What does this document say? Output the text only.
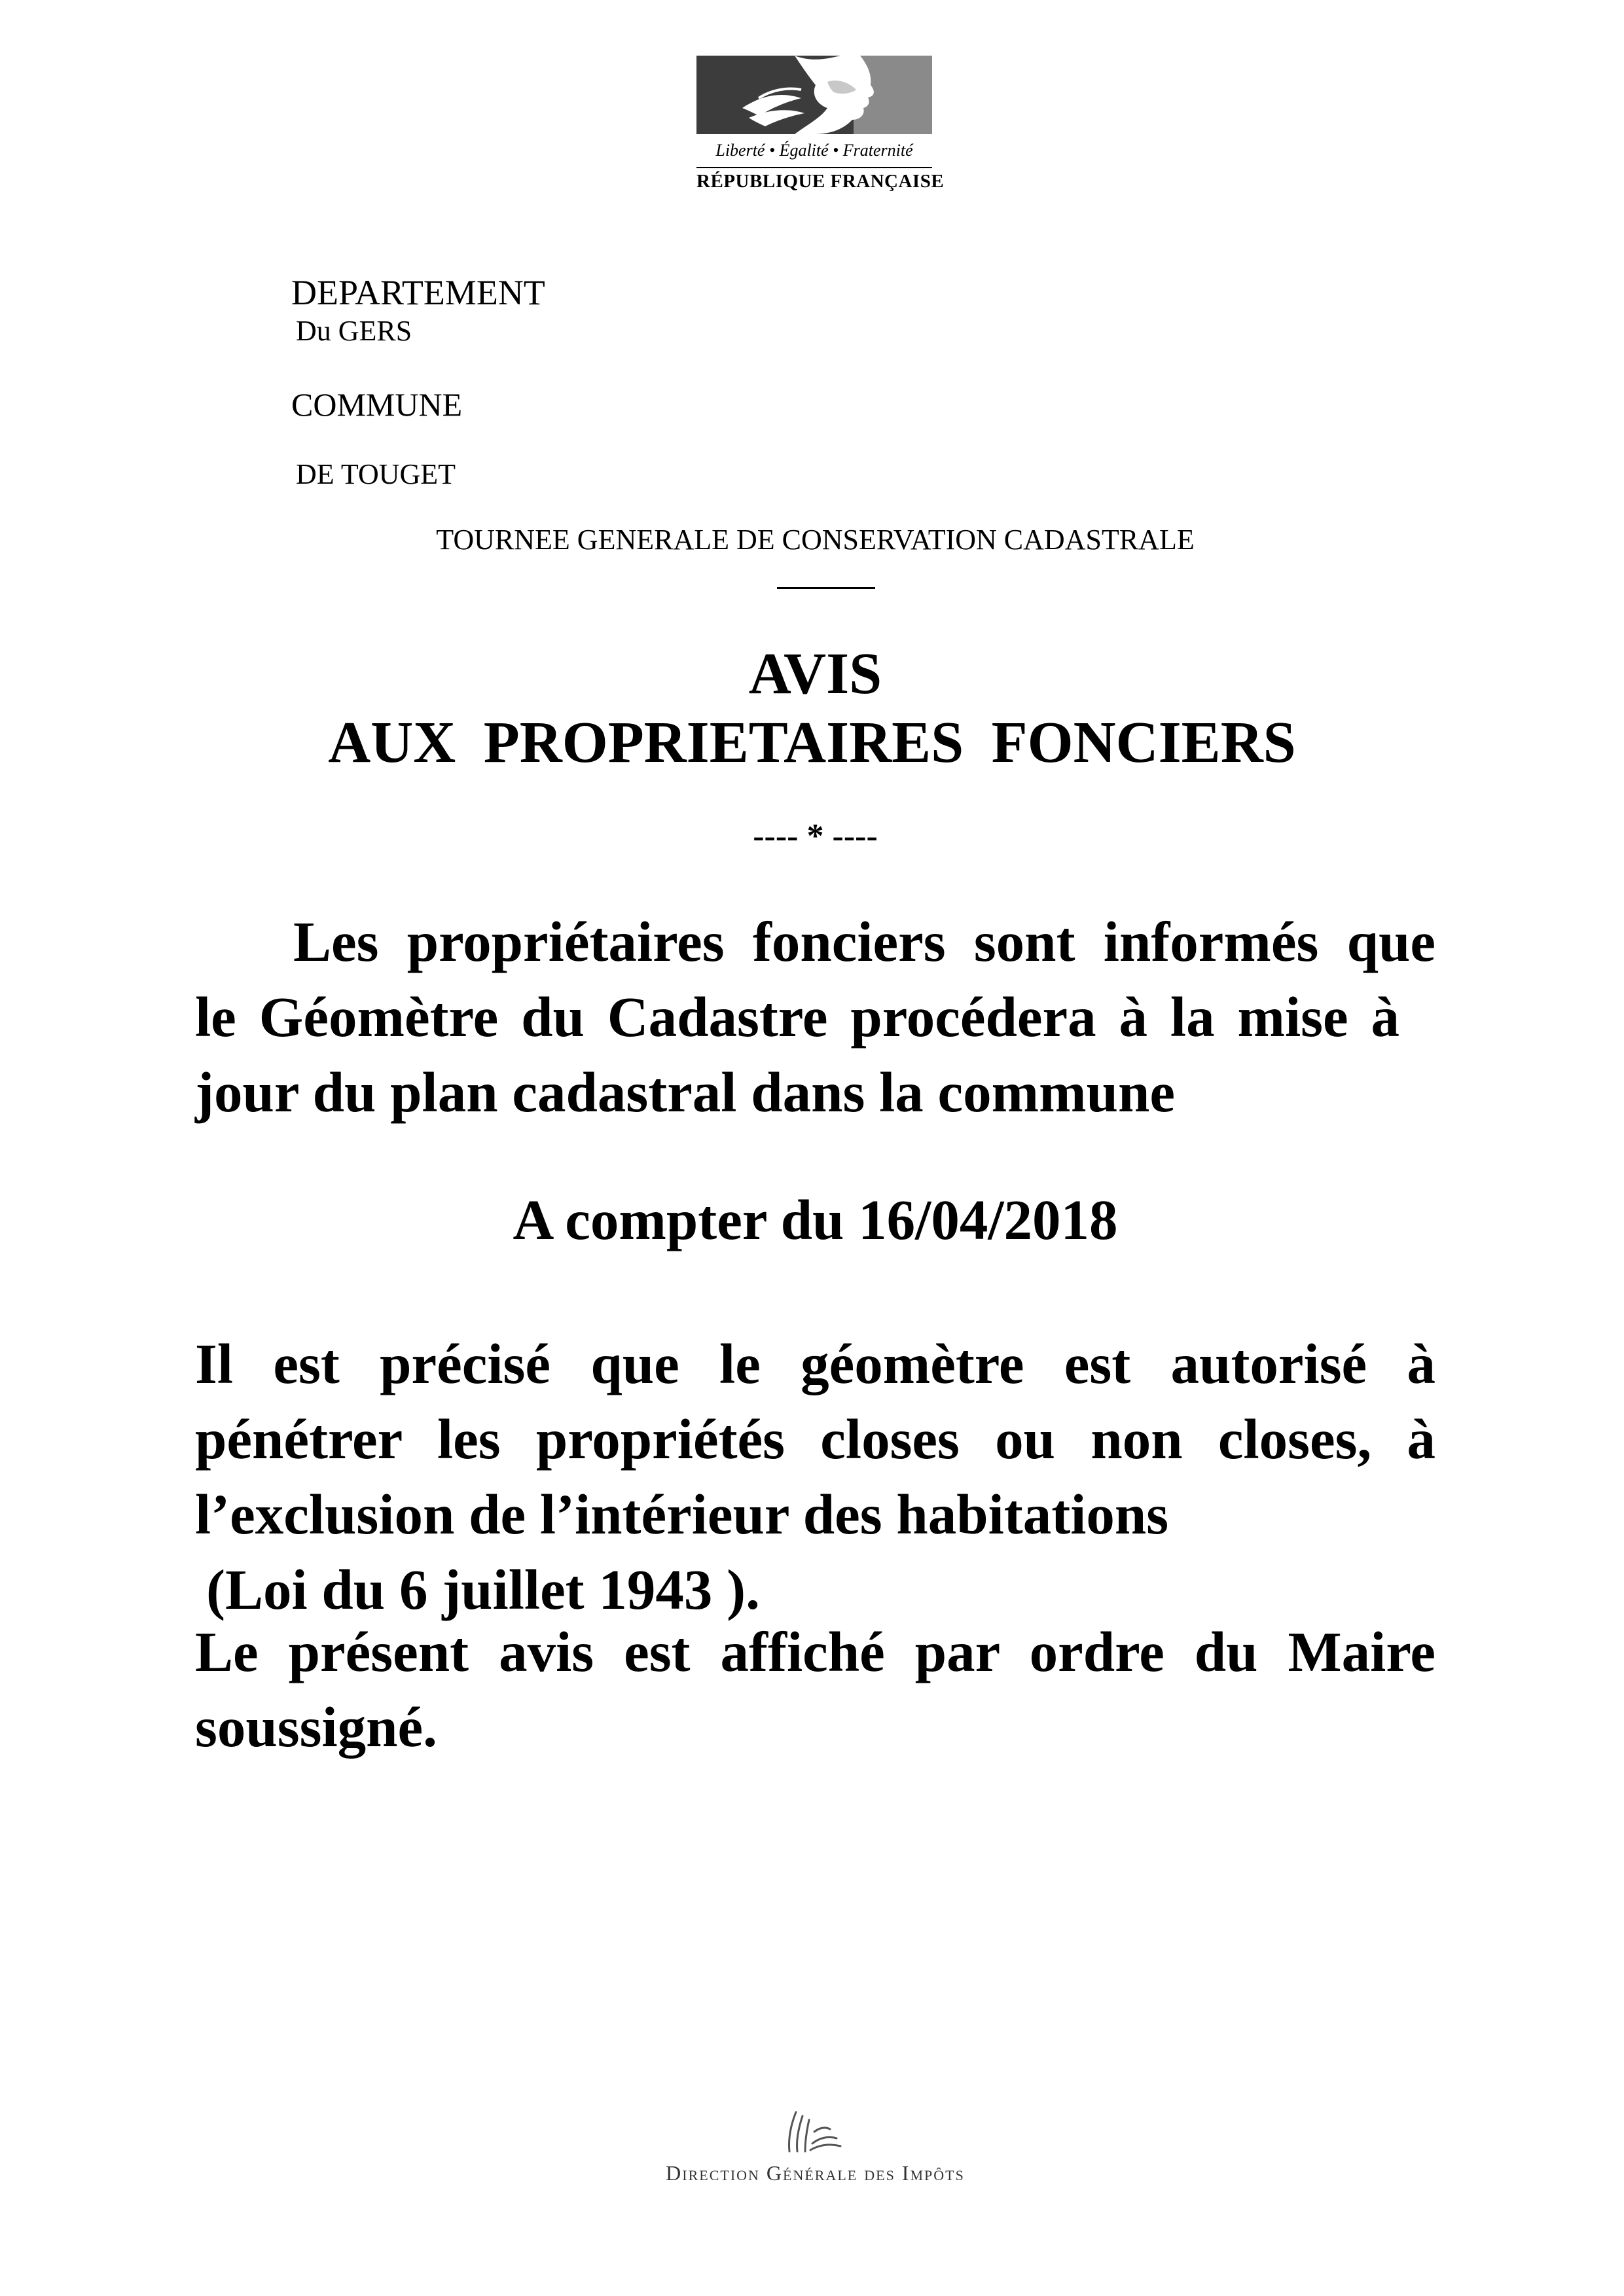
Liberté • Égalité • Fraternité
RÉPUBLIQUE FRANÇAISE
DEPARTEMENT
Du GERS
COMMUNE
DE TOUGET
TOURNEE GENERALE DE CONSERVATION CADASTRALE
AVIS
AUX PROPRIETAIRES FONCIERS
---- * ----
Les propriétaires fonciers sont informés que
le Géomètre du Cadastre procédera à la mise à
jour du plan cadastral dans la commune
A compter du 16/04/2018
Il est précisé que le géomètre est autorisé à
pénétrer les propriétés closes ou non closes, à
l’exclusion de l’intérieur des habitations
(Loi du 6 juillet 1943 ).
Le présent avis est affiché par ordre du Maire
soussigné.
Direction Générale des Impôts
